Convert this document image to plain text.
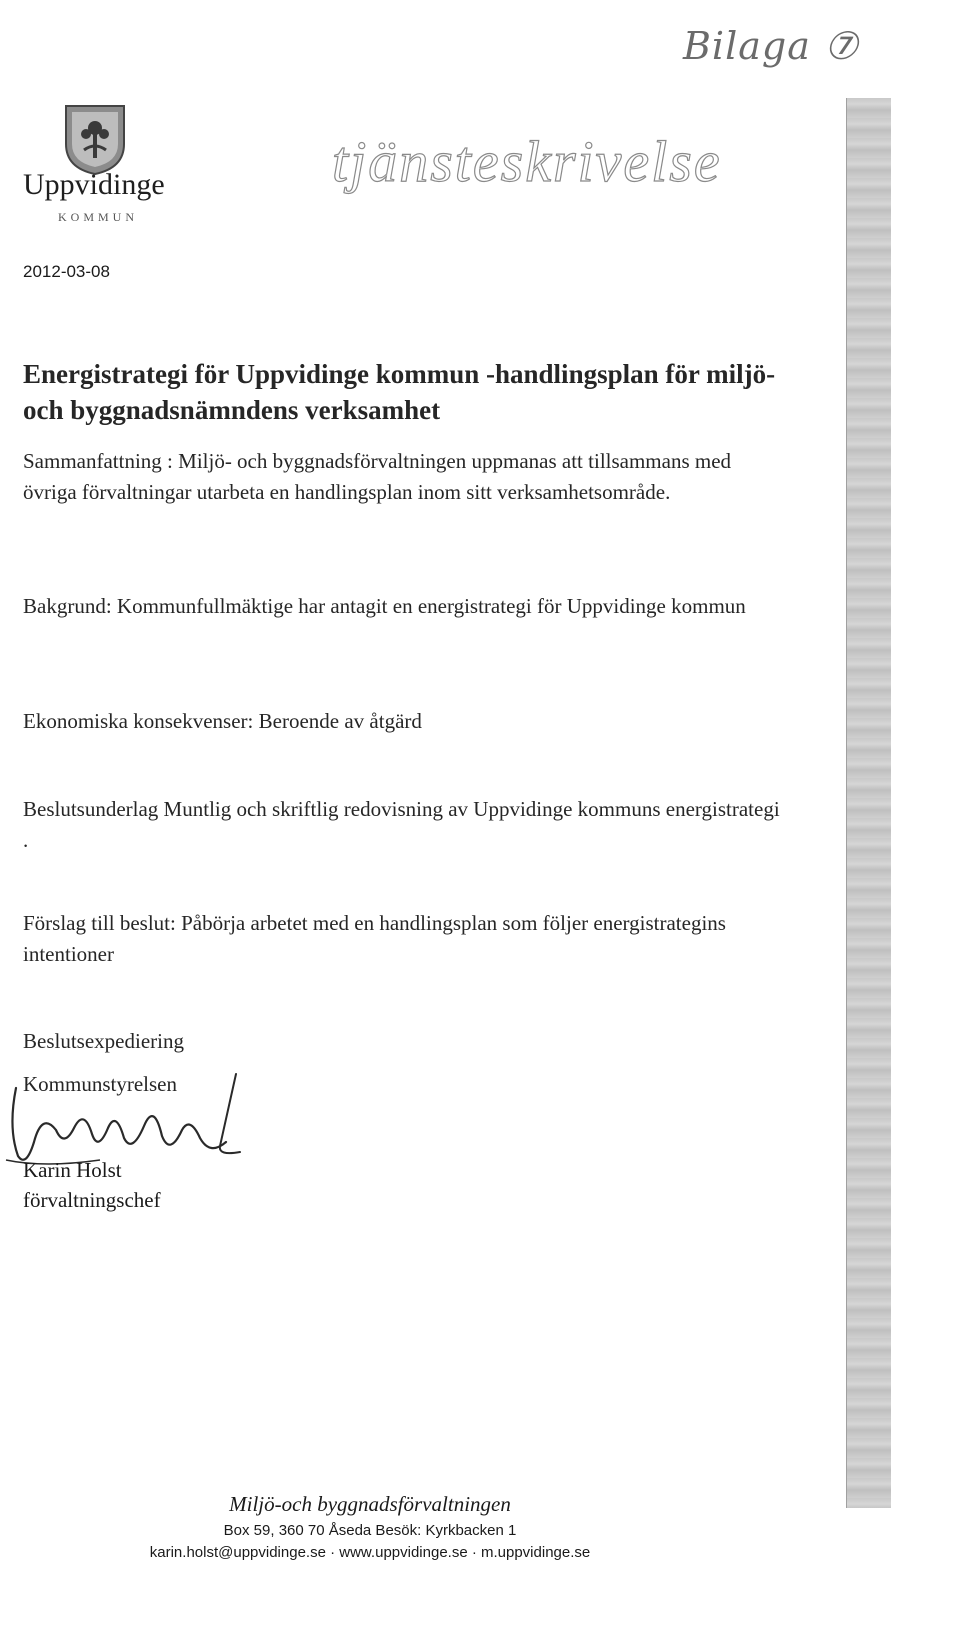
Bilaga ⑦
Uppvidinge
KOMMUN
tjänsteskrivelse
2012-03-08
Energistrategi för Uppvidinge kommun -handlingsplan för miljö- och byggnadsnämndens verksamhet

Sammanfattning : Miljö- och byggnadsförvaltningen uppmanas att tillsammans med övriga förvaltningar utarbeta en handlingsplan inom sitt verksamhetsområde.

Bakgrund: Kommunfullmäktige har antagit en energistrategi för Uppvidinge kommun

Ekonomiska konsekvenser: Beroende av åtgärd

Beslutsunderlag Muntlig och skriftlig redovisning av Uppvidinge kommuns energistrategi .

Förslag till beslut: Påbörja arbetet med en handlingsplan som följer energistrategins intentioner

Beslutsexpediering

Kommunstyrelsen

Karin Holst
förvaltningschef
Miljö-och byggnadsförvaltningen
Box 59, 360 70 Åseda Besök: Kyrkbacken 1
karin.holst@uppvidinge.se · www.uppvidinge.se · m.uppvidinge.se
